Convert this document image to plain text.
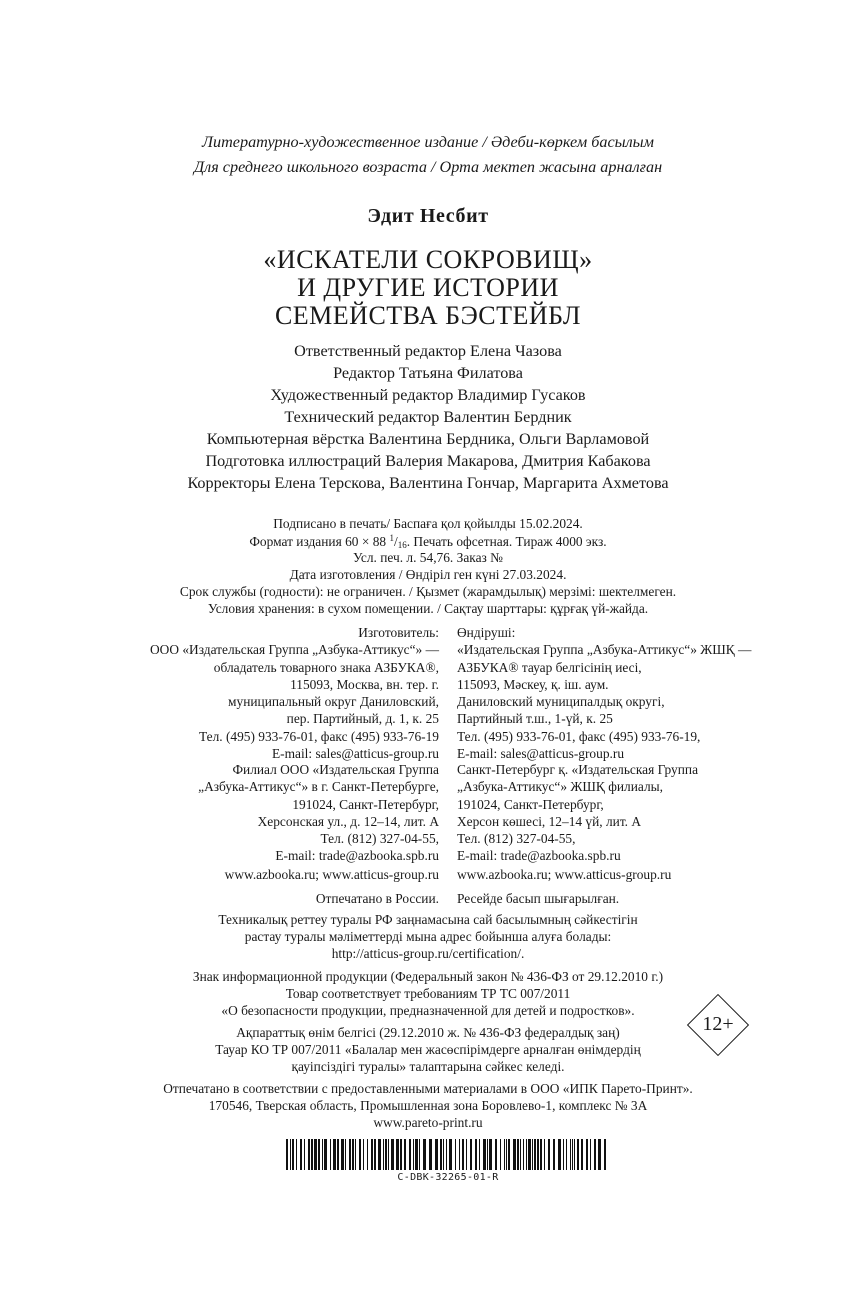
Литературно-художественное издание / Әдеби-көркем басылым
Для среднего школьного возраста / Орта мектеп жасына арналған
Эдит Несбит
«ИСКАТЕЛИ СОКРОВИЩ»
И ДРУГИЕ ИСТОРИИ
СЕМЕЙСТВА БЭСТЕЙБЛ
Ответственный редактор Елена Чазова
Редактор Татьяна Филатова
Художественный редактор Владимир Гусаков
Технический редактор Валентин Бердник
Компьютерная вёрстка Валентина Бердника, Ольги Варламовой
Подготовка иллюстраций Валерия Макарова, Дмитрия Кабакова
Корректоры Елена Терскова, Валентина Гончар, Маргарита Ахметова
Подписано в печать/ Баспаға қол қойылды 15.02.2024.
Формат издания 60 × 88 $^1/_{16}$. Печать офсетная. Тираж 4000 экз.
Усл. печ. л. 54,76. Заказ №
Дата изготовления / Өндіріл ген күні 27.03.2024.
Срок службы (годности): не ограничен. / Қызмет (жарамдылық) мерзімі: шектелмеген.
Условия хранения: в сухом помещении. / Сақтау шарттары: құрғақ үй-жайда.
Изготовитель:
ООО «Издательская Группа „Азбука-Аттикус“» —
обладатель товарного знака АЗБУКА®,
115093, Москва, вн. тер. г.
муниципальный округ Даниловский,
пер. Партийный, д. 1, к. 25
Тел. (495) 933-76-01, факс (495) 933-76-19
E-mail: sales@atticus-group.ru
Өндіруші:
«Издательская Группа „Азбука-Аттикус“» ЖШҚ —
АЗБУКА® тауар белгісінің иесі,
115093, Мәскеу, қ. іш. аум.
Даниловский муниципалдық округі,
Партийный т.ш., 1-үй, к. 25
Тел. (495) 933-76-01, факс (495) 933-76-19,
E-mail: sales@atticus-group.ru
Филиал ООО «Издательская Группа
„Азбука-Аттикус“» в г. Санкт-Петербурге,
191024, Санкт-Петербург,
Херсонская ул., д. 12–14, лит. А
Тел. (812) 327-04-55,
E-mail: trade@azbooka.spb.ru
Санкт-Петербург қ. «Издательская Группа
„Азбука-Аттикус“» ЖШҚ филиалы,
191024, Санкт-Петербург,
Херсон көшесі, 12–14 үй, лит. А
Тел. (812) 327-04-55,
E-mail: trade@azbooka.spb.ru
www.azbooka.ru; www.atticus-group.ru www.azbooka.ru; www.atticus-group.ru
Отпечатано в России. Ресейде басып шығарылған.
Техникалық реттеу туралы РФ заңнамасына сай басылымның сәйкестігін
растау туралы мәліметтерді мына адрес бойынша алуға болады:
http://atticus-group.ru/certification/.
Знак информационной продукции (Федеральный закон № 436-ФЗ от 29.12.2010 г.)
Товар соответствует требованиям ТР ТС 007/2011
«О безопасности продукции, предназначенной для детей и подростков».
Ақпараттық өнім белгісі (29.12.2010 ж. № 436-ФЗ федералдық заң)
Тауар КО ТР 007/2011 «Балалар мен жасөспірімдерге арналған өнімдердің
қауіпсіздігі туралы» талаптарына сәйкес келеді.
12+
Отпечатано в соответствии с предоставленными материалами в ООО «ИПК Парето-Принт».
170546, Тверская область, Промышленная зона Боровлево-1, комплекс № 3А
www.pareto-print.ru
C-DBK-32265-01-R
